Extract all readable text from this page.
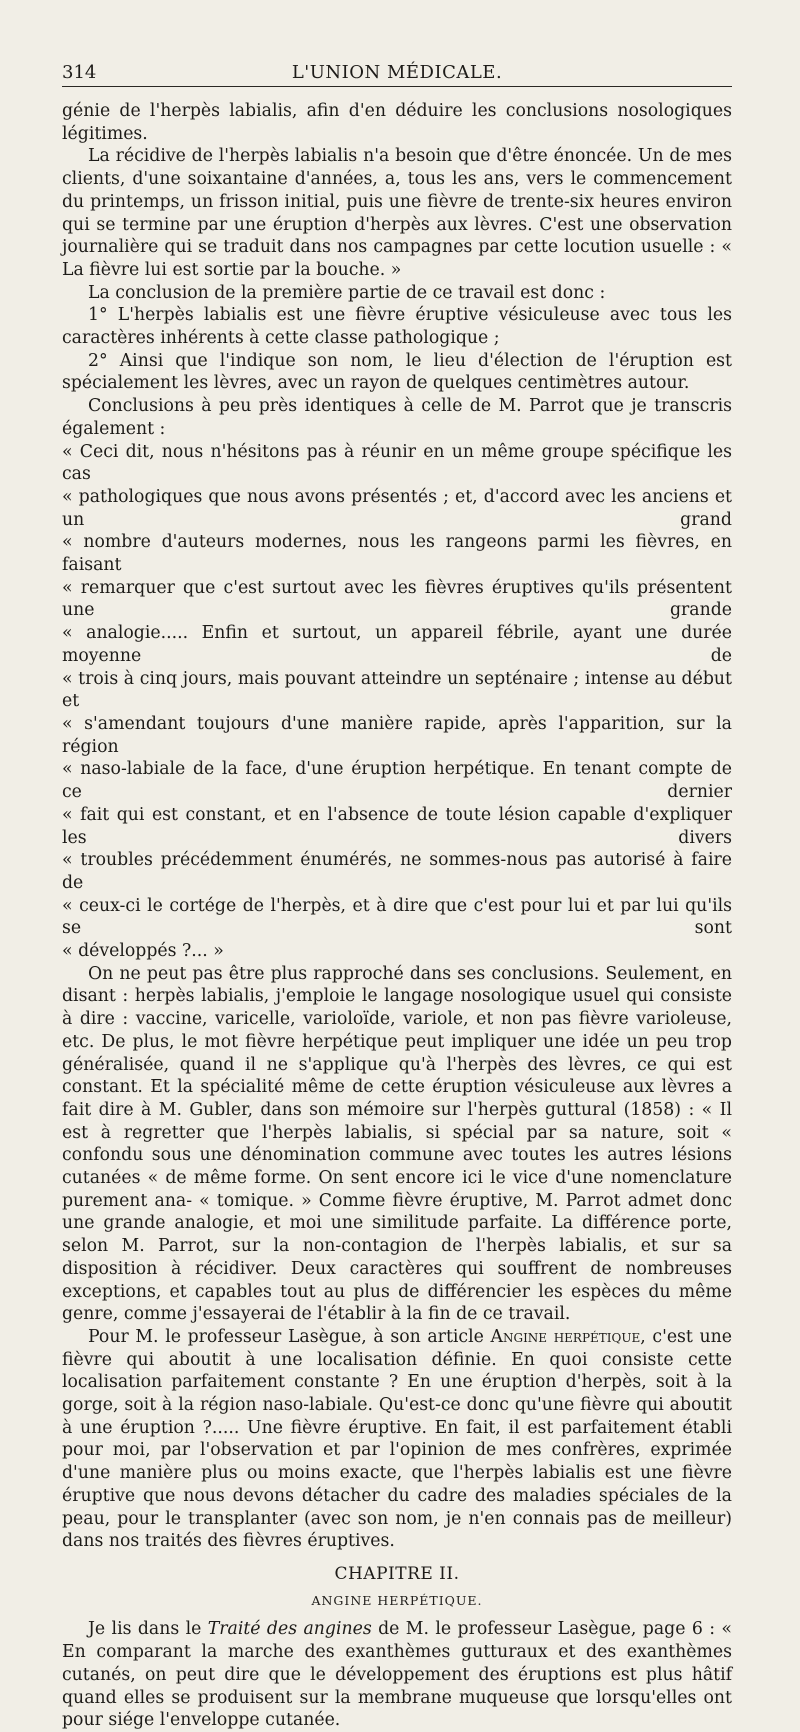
314	L'UNION MÉDICALE.

génie de l'herpès labialis, afin d'en déduire les conclusions nosologiques légitimes.

La récidive de l'herpès labialis n'a besoin que d'être énoncée. Un de mes clients, d'une soixantaine d'années, a, tous les ans, vers le commencement du printemps, un frisson initial, puis une fièvre de trente-six heures environ qui se termine par une éruption d'herpès aux lèvres. C'est une observation journalière qui se traduit dans nos campagnes par cette locution usuelle : « La fièvre lui est sortie par la bouche. »

La conclusion de la première partie de ce travail est donc :

1° L'herpès labialis est une fièvre éruptive vésiculeuse avec tous les caractères inhérents à cette classe pathologique ;

2° Ainsi que l'indique son nom, le lieu d'élection de l'éruption est spécialement les lèvres, avec un rayon de quelques centimètres autour.

Conclusions à peu près identiques à celle de M. Parrot que je transcris également :

« Ceci dit, nous n'hésitons pas à réunir en un même groupe spécifique les cas
« pathologiques que nous avons présentés ; et, d'accord avec les anciens et un grand
« nombre d'auteurs modernes, nous les rangeons parmi les fièvres, en faisant
« remarquer que c'est surtout avec les fièvres éruptives qu'ils présentent une grande
« analogie..... Enfin et surtout, un appareil fébrile, ayant une durée moyenne de
« trois à cinq jours, mais pouvant atteindre un septénaire ; intense au début et
« s'amendant toujours d'une manière rapide, après l'apparition, sur la région
« naso-labiale de la face, d'une éruption herpétique. En tenant compte de ce dernier
« fait qui est constant, et en l'absence de toute lésion capable d'expliquer les divers
« troubles précédemment énumérés, ne sommes-nous pas autorisé à faire de
« ceux-ci le cortége de l'herpès, et à dire que c'est pour lui et par lui qu'ils se sont
« développés ?... »

On ne peut pas être plus rapproché dans ses conclusions. Seulement, en disant : herpès labialis, j'emploie le langage nosologique usuel qui consiste à dire : vaccine, varicelle, varioloïde, variole, et non pas fièvre varioleuse, etc. De plus, le mot fièvre herpétique peut impliquer une idée un peu trop généralisée, quand il ne s'applique qu'à l'herpès des lèvres, ce qui est constant. Et la spécialité même de cette éruption vésiculeuse aux lèvres a fait dire à M. Gubler, dans son mémoire sur l'herpès guttural (1858) : « Il est à regretter que l'herpès labialis, si spécial par sa nature, soit « confondu sous une dénomination commune avec toutes les autres lésions cutanées « de même forme. On sent encore ici le vice d'une nomenclature purement ana- « tomique. » Comme fièvre éruptive, M. Parrot admet donc une grande analogie, et moi une similitude parfaite. La différence porte, selon M. Parrot, sur la non-contagion de l'herpès labialis, et sur sa disposition à récidiver. Deux caractères qui souffrent de nombreuses exceptions, et capables tout au plus de différencier les espèces du même genre, comme j'essayerai de l'établir à la fin de ce travail.

Pour M. le professeur Lasègue, à son article Angine herpétique, c'est une fièvre qui aboutit à une localisation définie. En quoi consiste cette localisation parfaitement constante ? En une éruption d'herpès, soit à la gorge, soit à la région naso-labiale. Qu'est-ce donc qu'une fièvre qui aboutit à une éruption ?..... Une fièvre éruptive. En fait, il est parfaitement établi pour moi, par l'observation et par l'opinion de mes confrères, exprimée d'une manière plus ou moins exacte, que l'herpès labialis est une fièvre éruptive que nous devons détacher du cadre des maladies spéciales de la peau, pour le transplanter (avec son nom, je n'en connais pas de meilleur) dans nos traités des fièvres éruptives.

CHAPITRE II.
ANGINE HERPÉTIQUE.

Je lis dans le Traité des angines de M. le professeur Lasègue, page 6 : « En comparant la marche des exanthèmes gutturaux et des exanthèmes cutanés, on peut dire que le développement des éruptions est plus hâtif quand elles se produisent sur la membrane muqueuse que lorsqu'elles ont pour siége l'enveloppe cutanée.
